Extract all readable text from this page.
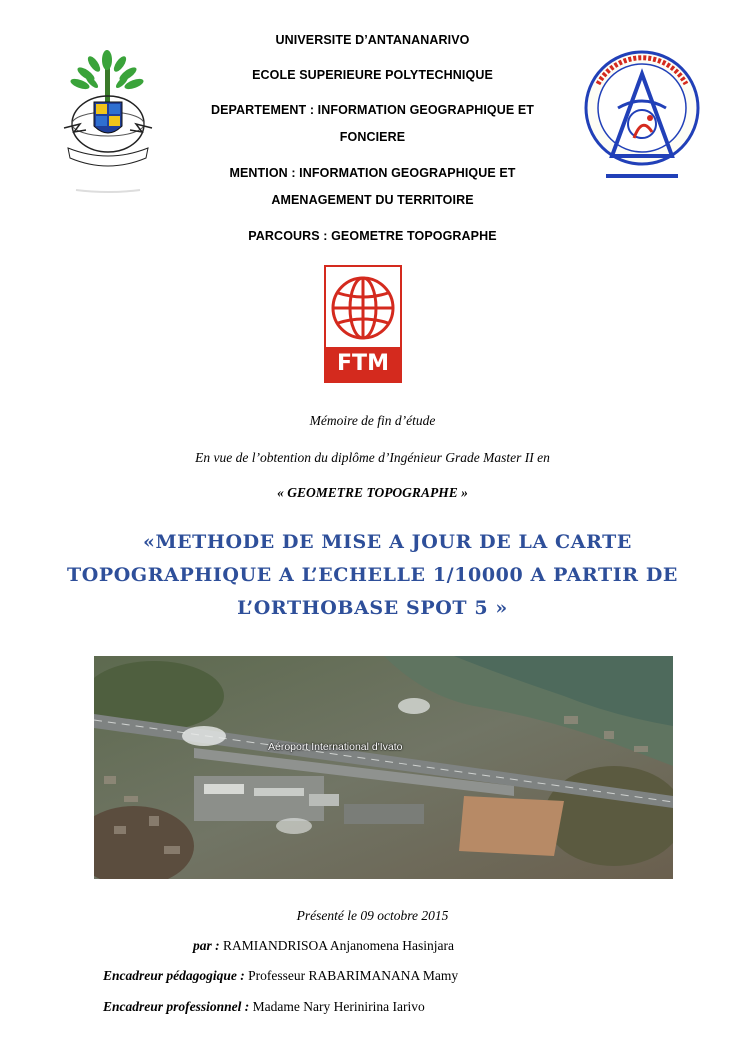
UNIVERSITE D’ANTANANARIVO
ECOLE SUPERIEURE POLYTECHNIQUE
DEPARTEMENT : INFORMATION GEOGRAPHIQUE ET
FONCIERE
MENTION : INFORMATION GEOGRAPHIQUE ET
AMENAGEMENT DU TERRITOIRE
PARCOURS : GEOMETRE TOPOGRAPHE
FTM
Mémoire de fin d’étude
En vue de l’obtention du diplôme d’Ingénieur Grade Master II en
« GEOMETRE TOPOGRAPHE »
«METHODE DE MISE A JOUR DE LA CARTE
TOPOGRAPHIQUE A L’ECHELLE 1/10000 A PARTIR DE
L’ORTHOBASE SPOT 5 »
Aéroport International d'Ivato
Présenté le 09 octobre 2015
par : RAMIANDRISOA Anjanomena Hasinjara
Encadreur pédagogique : Professeur RABARIMANANA Mamy
Encadreur professionnel : Madame Nary Herinirina Iarivo
